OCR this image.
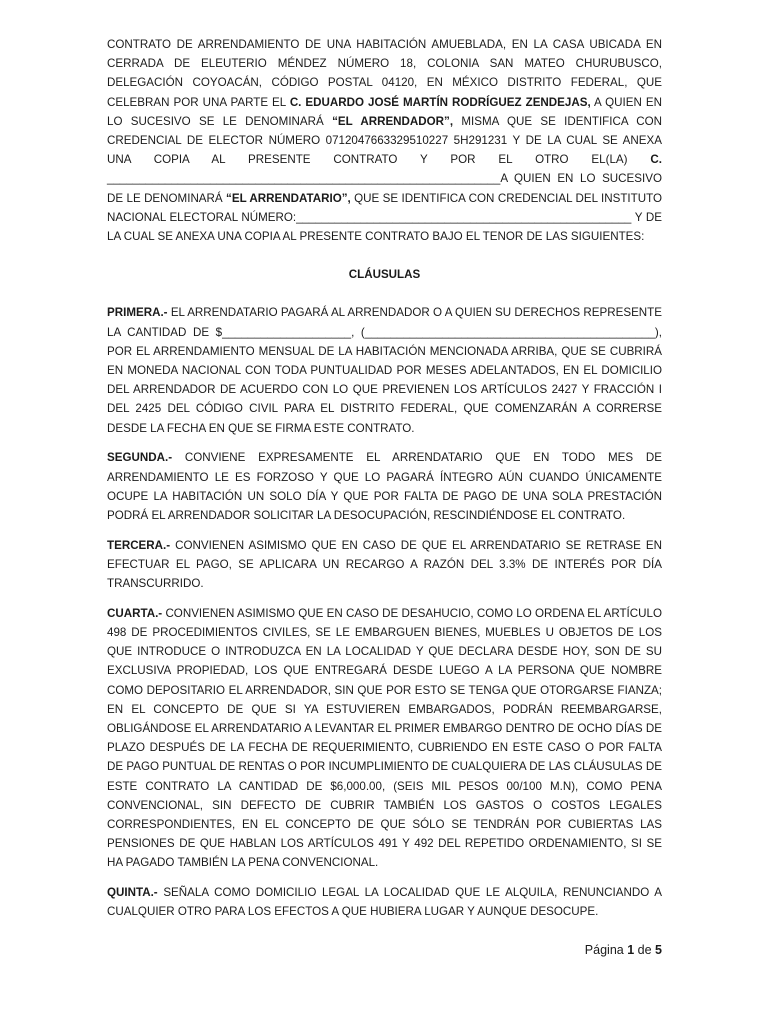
CONTRATO DE ARRENDAMIENTO DE UNA HABITACIÓN AMUEBLADA, EN LA CASA UBICADA EN CERRADA DE ELEUTERIO MÉNDEZ NÚMERO 18, COLONIA SAN MATEO CHURUBUSCO, DELEGACIÓN COYOACÁN, CÓDIGO POSTAL 04120, EN MÉXICO DISTRITO FEDERAL, QUE CELEBRAN POR UNA PARTE EL C. EDUARDO JOSÉ MARTÍN RODRÍGUEZ ZENDEJAS, A QUIEN EN LO SUCESIVO SE LE DENOMINARÁ “EL ARRENDADOR”, MISMA QUE SE IDENTIFICA CON CREDENCIAL DE ELECTOR NÚMERO 0712047663329510227 5H291231 Y DE LA CUAL SE ANEXA UNA COPIA AL PRESENTE CONTRATO Y POR EL OTRO EL(LA) C. _____________________________________________________________A QUIEN EN LO SUCESIVO DE LE DENOMINARÁ “EL ARRENDATARIO”, QUE SE IDENTIFICA CON CREDENCIAL DEL INSTITUTO NACIONAL ELECTORAL NÚMERO:____________________________________________________ Y DE LA CUAL SE ANEXA UNA COPIA AL PRESENTE CONTRATO BAJO EL TENOR DE LAS SIGUIENTES:

CLÁUSULAS

PRIMERA.- EL ARRENDATARIO PAGARÁ AL ARRENDADOR O A QUIEN SU DERECHOS REPRESENTE LA CANTIDAD DE $____________________, (_____________________________________________), POR EL ARRENDAMIENTO MENSUAL DE LA HABITACIÓN MENCIONADA ARRIBA, QUE SE CUBRIRÁ EN MONEDA NACIONAL CON TODA PUNTUALIDAD POR MESES ADELANTADOS, EN EL DOMICILIO DEL ARRENDADOR DE ACUERDO CON LO QUE PREVIENEN LOS ARTÍCULOS 2427 Y FRACCIÓN I DEL 2425 DEL CÓDIGO CIVIL PARA EL DISTRITO FEDERAL, QUE COMENZARÁN A CORRERSE DESDE LA FECHA EN QUE SE FIRMA ESTE CONTRATO.

SEGUNDA.- CONVIENE EXPRESAMENTE EL ARRENDATARIO QUE EN TODO MES DE ARRENDAMIENTO LE ES FORZOSO Y QUE LO PAGARÁ ÍNTEGRO AÚN CUANDO ÚNICAMENTE OCUPE LA HABITACIÓN UN SOLO DÍA Y QUE POR FALTA DE PAGO DE UNA SOLA PRESTACIÓN PODRÁ EL ARRENDADOR SOLICITAR LA DESOCUPACIÓN, RESCINDIÉNDOSE EL CONTRATO.

TERCERA.- CONVIENEN ASIMISMO QUE EN CASO DE QUE EL ARRENDATARIO SE RETRASE EN EFECTUAR EL PAGO, SE APLICARA UN RECARGO A RAZÓN DEL 3.3% DE INTERÉS POR DÍA TRANSCURRIDO.

CUARTA.- CONVIENEN ASIMISMO QUE EN CASO DE DESAHUCIO, COMO LO ORDENA EL ARTÍCULO 498 DE PROCEDIMIENTOS CIVILES, SE LE EMBARGUEN BIENES, MUEBLES U OBJETOS DE LOS QUE INTRODUCE O INTRODUZCA EN LA LOCALIDAD Y QUE DECLARA DESDE HOY, SON DE SU EXCLUSIVA PROPIEDAD, LOS QUE ENTREGARÁ DESDE LUEGO A LA PERSONA QUE NOMBRE COMO DEPOSITARIO EL ARRENDADOR, SIN QUE POR ESTO SE TENGA QUE OTORGARSE FIANZA; EN EL CONCEPTO DE QUE SI YA ESTUVIEREN EMBARGADOS, PODRÁN REEMBARGARSE, OBLIGÁNDOSE EL ARRENDATARIO A LEVANTAR EL PRIMER EMBARGO DENTRO DE OCHO DÍAS DE PLAZO DESPUÉS DE LA FECHA DE REQUERIMIENTO, CUBRIENDO EN ESTE CASO O POR FALTA DE PAGO PUNTUAL DE RENTAS O POR INCUMPLIMIENTO DE CUALQUIERA DE LAS CLÁUSULAS DE ESTE CONTRATO LA CANTIDAD DE $6,000.00, (SEIS MIL PESOS 00/100 M.N), COMO PENA CONVENCIONAL, SIN DEFECTO DE CUBRIR TAMBIÉN LOS GASTOS O COSTOS LEGALES CORRESPONDIENTES, EN EL CONCEPTO DE QUE SÓLO SE TENDRÁN POR CUBIERTAS LAS PENSIONES DE QUE HABLAN LOS ARTÍCULOS 491 Y 492 DEL REPETIDO ORDENAMIENTO, SI SE HA PAGADO TAMBIÉN LA PENA CONVENCIONAL.

QUINTA.- SEÑALA COMO DOMICILIO LEGAL LA LOCALIDAD QUE LE ALQUILA, RENUNCIANDO A CUALQUIER OTRO PARA LOS EFECTOS A QUE HUBIERA LUGAR Y AUNQUE DESOCUPE.

Página 1 de 5
